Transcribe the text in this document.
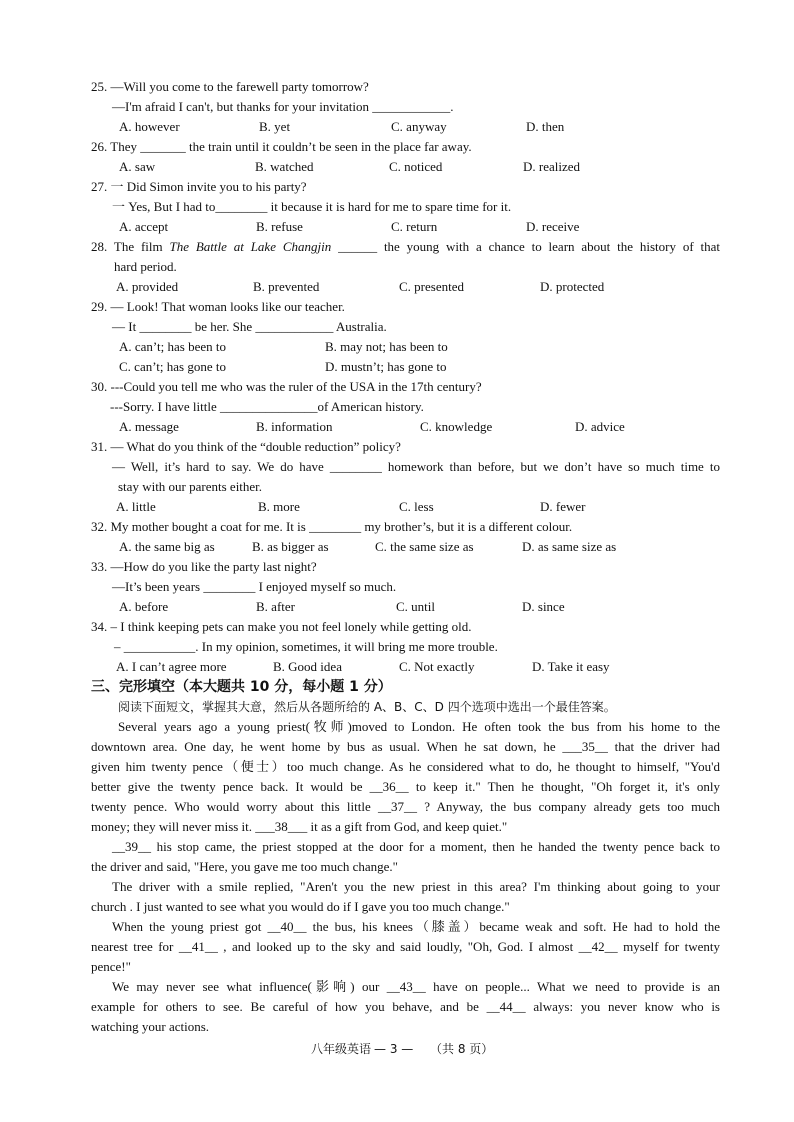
25. —Will you come to the farewell party tomorrow?
—I'm afraid I can't, but thanks for your invitation ____________.
A. however	B. yet	C. anyway	D. then
26. They _______ the train until it couldn’t be seen in the place far away.
A. saw	B. watched	C. noticed	D. realized
27. 一 Did Simon invite you to his party?
一 Yes, But I had to________ it because it is hard for me to spare time for it.
A. accept	B. refuse	C. return	D. receive
28. The film The Battle at Lake Changjin ______ the young with a chance to learn about the history of that
hard period.
A. provided	B. prevented	C. presented	D. protected
29. — Look! That woman looks like our teacher.
— It ________ be her. She ____________ Australia.
A. can’t; has been to	B. may not; has been to
C. can’t; has gone to	D. mustn’t; has gone to
30. ---Could you tell me who was the ruler of the USA in the 17th century?
---Sorry. I have little _______________of American history.
A. message	B. information	C. knowledge	D. advice
31. — What do you think of the “double reduction” policy?
— Well, it’s hard to say. We do have ________ homework than before, but we don’t have so much time to
stay with our parents either.
A. little	B. more	C. less	D. fewer
32. My mother bought a coat for me. It is ________ my brother’s, but it is a different colour.
A. the same big as	B. as bigger as	C. the same size as	D. as same size as
33. —How do you like the party last night?
—It’s been years ________ I enjoyed myself so much.
A. before	B. after	C. until	D. since
34. – I think keeping pets can make you not feel lonely while getting old.
– ___________. In my opinion, sometimes, it will bring me more trouble.
A. I can’t agree more	B. Good idea	C. Not exactly	D. Take it easy
三、完形填空（本大题共 10 分，每小题 1 分）
阅读下面短文，掌握其大意，然后从各题所给的 A、B、C、D 四个选项中选出一个最佳答案。
Several years ago a young priest(牧师)moved to London. He often took the bus from his home to the
downtown area. One day, he went home by bus as usual. When he sat down, he ___35__ that the driver had
given him twenty pence（便士）too much change. As he considered what to do, he thought to himself, "You'd
better give the twenty pence back. It would be __36__ to keep it." Then he thought, "Oh forget it, it's only
twenty pence. Who would worry about this little __37__ ? Anyway, the bus company already gets too much
money; they will never miss it. ___38___ it as a gift from God, and keep quiet."
__39__ his stop came, the priest stopped at the door for a moment, then he handed the twenty pence back to
the driver and said, "Here, you gave me too much change."
The driver with a smile replied, "Aren't you the new priest in this area? I'm thinking about going to your
church . I just wanted to see what you would do if I gave you too much change."
When the young priest got __40__ the bus, his knees（膝盖）became weak and soft. He had to hold the
nearest tree for __41__ , and looked up to the sky and said loudly, "Oh, God. I almost __42__ myself for twenty
pence!"
We may never see what influence(影响) our __43__ have on people... What we need to provide is an
example for others to see. Be careful of how you behave, and be __44__ always: you never know who is
watching your actions.
八年级英语 — 3 — （共 8 页）
